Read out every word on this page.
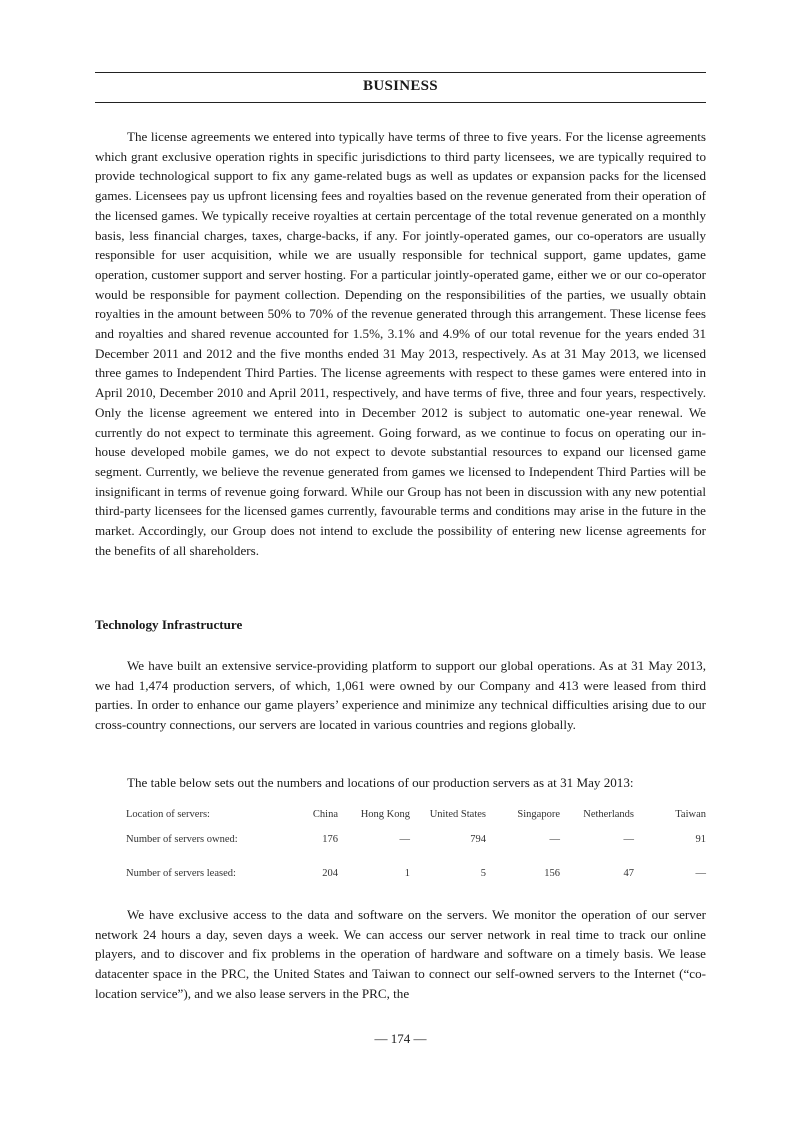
BUSINESS

The license agreements we entered into typically have terms of three to five years. For the license agreements which grant exclusive operation rights in specific jurisdictions to third party licensees, we are typically required to provide technological support to fix any game-related bugs as well as updates or expansion packs for the licensed games. Licensees pay us upfront licensing fees and royalties based on the revenue generated from their operation of the licensed games. We typically receive royalties at certain percentage of the total revenue generated on a monthly basis, less financial charges, taxes, charge-backs, if any. For jointly-operated games, our co-operators are usually responsible for user acquisition, while we are usually responsible for technical support, game updates, game operation, customer support and server hosting. For a particular jointly-operated game, either we or our co-operator would be responsible for payment collection. Depending on the responsibilities of the parties, we usually obtain royalties in the amount between 50% to 70% of the revenue generated through this arrangement. These license fees and royalties and shared revenue accounted for 1.5%, 3.1% and 4.9% of our total revenue for the years ended 31 December 2011 and 2012 and the five months ended 31 May 2013, respectively. As at 31 May 2013, we licensed three games to Independent Third Parties. The license agreements with respect to these games were entered into in April 2010, December 2010 and April 2011, respectively, and have terms of five, three and four years, respectively. Only the license agreement we entered into in December 2012 is subject to automatic one-year renewal. We currently do not expect to terminate this agreement. Going forward, as we continue to focus on operating our in-house developed mobile games, we do not expect to devote substantial resources to expand our licensed game segment. Currently, we believe the revenue generated from games we licensed to Independent Third Parties will be insignificant in terms of revenue going forward. While our Group has not been in discussion with any new potential third-party licensees for the licensed games currently, favourable terms and conditions may arise in the future in the market. Accordingly, our Group does not intend to exclude the possibility of entering new license agreements for the benefits of all shareholders.

Technology Infrastructure

We have built an extensive service-providing platform to support our global operations. As at 31 May 2013, we had 1,474 production servers, of which, 1,061 were owned by our Company and 413 were leased from third parties. In order to enhance our game players’ experience and minimize any technical difficulties arising due to our cross-country connections, our servers are located in various countries and regions globally.

The table below sets out the numbers and locations of our production servers as at 31 May 2013:

Location of servers:	China	Hong Kong	United States	Singapore	Netherlands	Taiwan
Number of servers owned:	176	—	794	—	—	91
Number of servers leased:	204	1	5	156	47	—

We have exclusive access to the data and software on the servers. We monitor the operation of our server network 24 hours a day, seven days a week. We can access our server network in real time to track our online players, and to discover and fix problems in the operation of hardware and software on a timely basis. We lease datacenter space in the PRC, the United States and Taiwan to connect our self-owned servers to the Internet (“co-location service”), and we also lease servers in the PRC, the

— 174 —
